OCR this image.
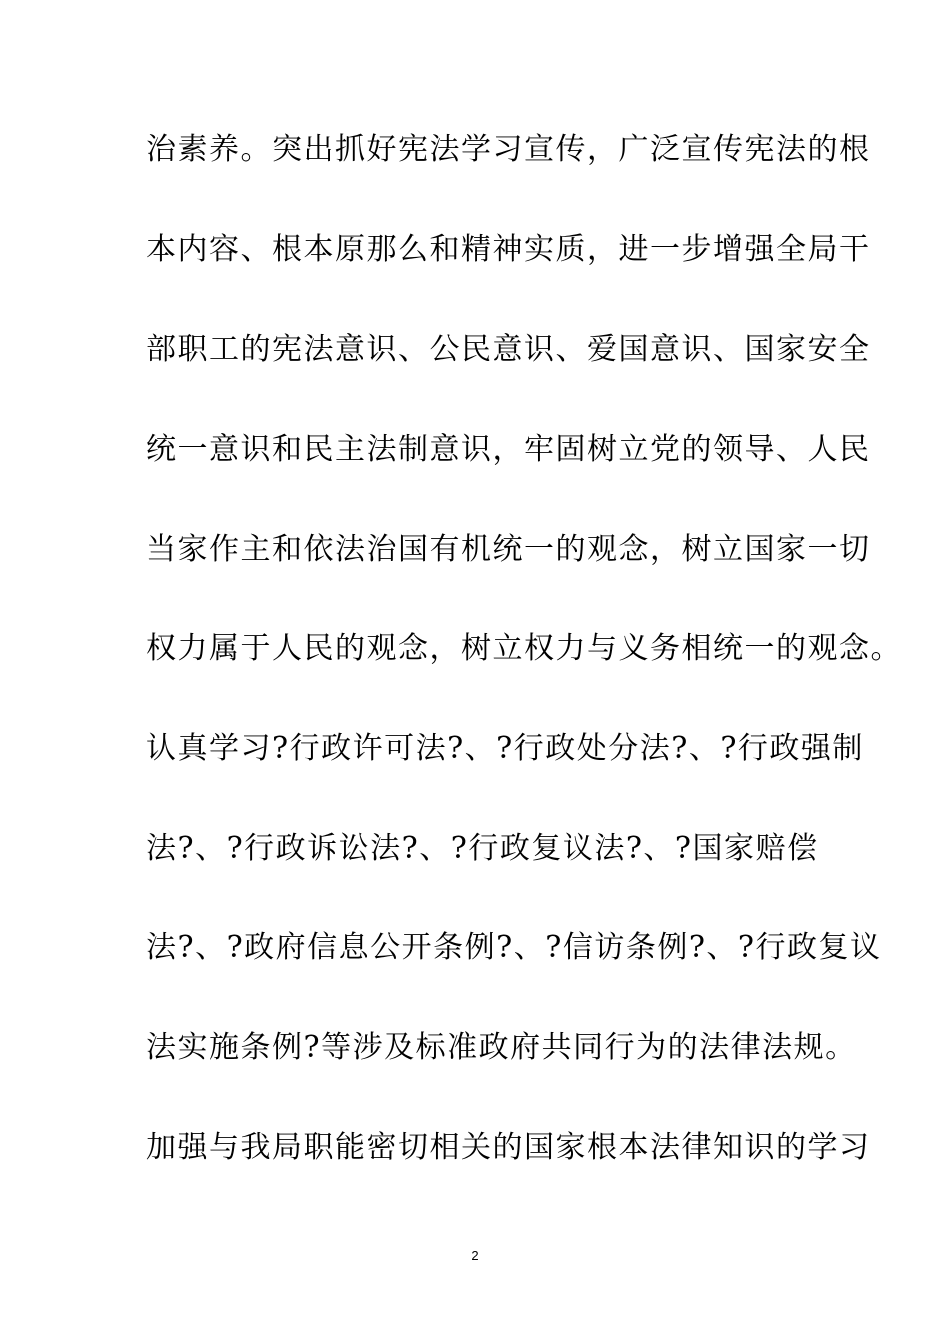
治素养。突出抓好宪法学习宣传，广泛宣传宪法的根
本内容、根本原那么和精神实质，进一步增强全局干
部职工的宪法意识、公民意识、爱国意识、国家安全
统一意识和民主法制意识，牢固树立党的领导、人民
当家作主和依法治国有机统一的观念，树立国家一切
权力属于人民的观念，树立权力与义务相统一的观念。
认真学习?行政许可法?、?行政处分法?、?行政强制
法?、?行政诉讼法?、?行政复议法?、?国家赔偿
法?、?政府信息公开条例?、?信访条例?、?行政复议
法实施条例?等涉及标准政府共同行为的法律法规。
加强与我局职能密切相关的国家根本法律知识的学习
2
